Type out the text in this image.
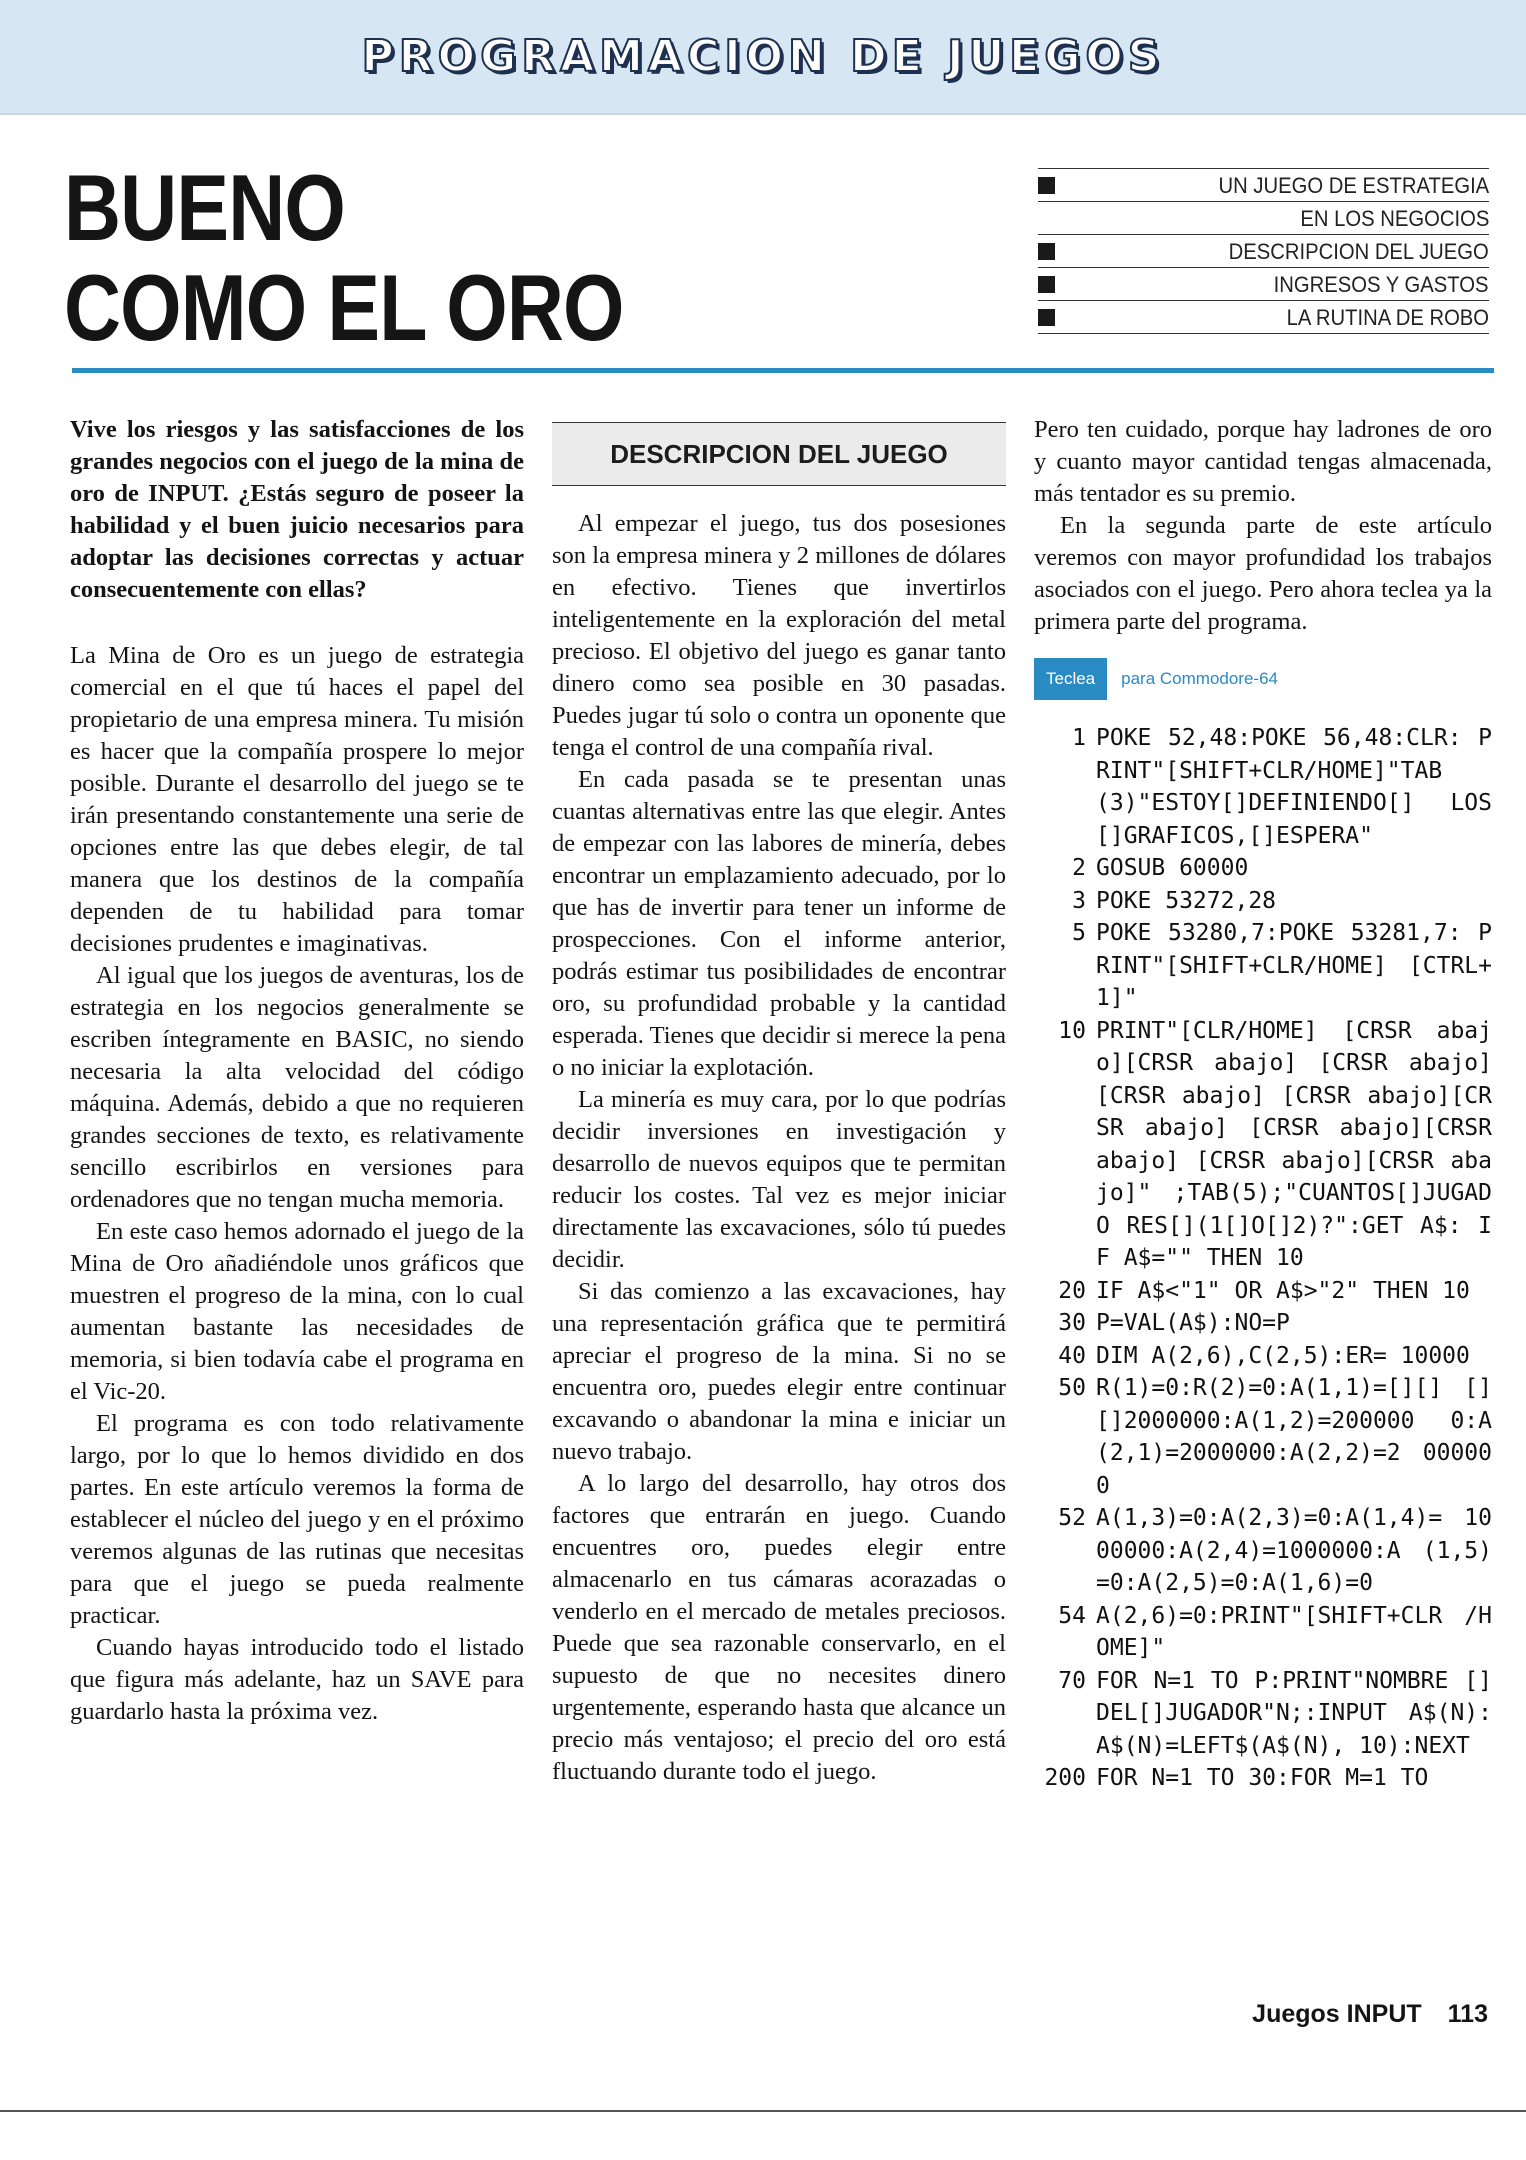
PROGRAMACION DE JUEGOS
BUENO
COMO EL ORO
UN JUEGO DE ESTRATEGIA
EN LOS NEGOCIOS
DESCRIPCION DEL JUEGO
INGRESOS Y GASTOS
LA RUTINA DE ROBO

Vive los riesgos y las satisfacciones de los grandes negocios con el juego de la mina de oro de INPUT. ¿Estás seguro de poseer la habilidad y el buen juicio necesarios para adoptar las decisiones correctas y actuar consecuentemente con ellas?

La Mina de Oro es un juego de estrategia comercial en el que tú haces el papel del propietario de una empresa minera. Tu misión es hacer que la compañía prospere lo mejor posible. Durante el desarrollo del juego se te irán presentando constantemente una serie de opciones entre las que debes elegir, de tal manera que los destinos de la compañía dependen de tu habilidad para tomar decisiones prudentes e imaginativas.

Al igual que los juegos de aventuras, los de estrategia en los negocios generalmente se escriben íntegramente en BASIC, no siendo necesaria la alta velocidad del código máquina. Además, debido a que no requieren grandes secciones de texto, es relativamente sencillo escribirlos en versiones para ordenadores que no tengan mucha memoria.

En este caso hemos adornado el juego de la Mina de Oro añadiéndole unos gráficos que muestren el progreso de la mina, con lo cual aumentan bastante las necesidades de memoria, si bien todavía cabe el programa en el Vic-20.

El programa es con todo relativamente largo, por lo que lo hemos dividido en dos partes. En este artículo veremos la forma de establecer el núcleo del juego y en el próximo veremos algunas de las rutinas que necesitas para que el juego se pueda realmente practicar.

Cuando hayas introducido todo el listado que figura más adelante, haz un SAVE para guardarlo hasta la próxima vez.

DESCRIPCION DEL JUEGO

Al empezar el juego, tus dos posesiones son la empresa minera y 2 millones de dólares en efectivo. Tienes que invertirlos inteligentemente en la exploración del metal precioso. El objetivo del juego es ganar tanto dinero como sea posible en 30 pasadas. Puedes jugar tú solo o contra un oponente que tenga el control de una compañía rival.

En cada pasada se te presentan unas cuantas alternativas entre las que elegir. Antes de empezar con las labores de minería, debes encontrar un emplazamiento adecuado, por lo que has de invertir para tener un informe de prospecciones. Con el informe anterior, podrás estimar tus posibilidades de encontrar oro, su profundidad probable y la cantidad esperada. Tienes que decidir si merece la pena o no iniciar la explotación.

La minería es muy cara, por lo que podrías decidir inversiones en investigación y desarrollo de nuevos equipos que te permitan reducir los costes. Tal vez es mejor iniciar directamente las excavaciones, sólo tú puedes decidir.

Si das comienzo a las excavaciones, hay una representación gráfica que te permitirá apreciar el progreso de la mina. Si no se encuentra oro, puedes elegir entre continuar excavando o abandonar la mina e iniciar un nuevo trabajo.

A lo largo del desarrollo, hay otros dos factores que entrarán en juego. Cuando encuentres oro, puedes elegir entre almacenarlo en tus cámaras acorazadas o venderlo en el mercado de metales preciosos. Puede que sea razonable conservarlo, en el supuesto de que no necesites dinero urgentemente, esperando hasta que alcance un precio más ventajoso; el precio del oro está fluctuando durante todo el juego.

Pero ten cuidado, porque hay ladrones de oro y cuanto mayor cantidad tengas almacenada, más tentador es su premio.

En la segunda parte de este artículo veremos con mayor profundidad los trabajos asociados con el juego. Pero ahora teclea ya la primera parte del programa.

Teclea	para Commodore-64
1 POKE 52,48:POKE 56,48:CLR: PRINT"[SHIFT+CLR/HOME]"TAB (3)"ESTOY[]DEFINIENDO[] LOS[]GRAFICOS,[]ESPERA"
2 GOSUB 60000
3 POKE 53272,28
5 POKE 53280,7:POKE 53281,7: PRINT"[SHIFT+CLR/HOME] [CTRL+1]"
10 PRINT"[CLR/HOME] [CRSR abajo][CRSR abajo] [CRSR abajo][CRSR abajo] [CRSR abajo][CRSR abajo] [CRSR abajo][CRSR abajo] [CRSR abajo][CRSR abajo]" ;TAB(5);"CUANTOS[]JUGADO RES[](1[]O[]2)?":GET A$: IF A$="" THEN 10
20 IF A$<"1" OR A$>"2" THEN 10
30 P=VAL(A$):NO=P
40 DIM A(2,6),C(2,5):ER= 10000
50 R(1)=0:R(2)=0:A(1,1)=[][] [][]2000000:A(1,2)=200000 0:A(2,1)=2000000:A(2,2)=2 000000
52 A(1,3)=0:A(2,3)=0:A(1,4)= 1000000:A(2,4)=1000000:A (1,5)=0:A(2,5)=0:A(1,6)=0
54 A(2,6)=0:PRINT"[SHIFT+CLR /HOME]"
70 FOR N=1 TO P:PRINT"NOMBRE []DEL[]JUGADOR"N;:INPUT A$(N):A$(N)=LEFT$(A$(N), 10):NEXT
200 FOR N=1 TO 30:FOR M=1 TO
Juegos INPUT 113
